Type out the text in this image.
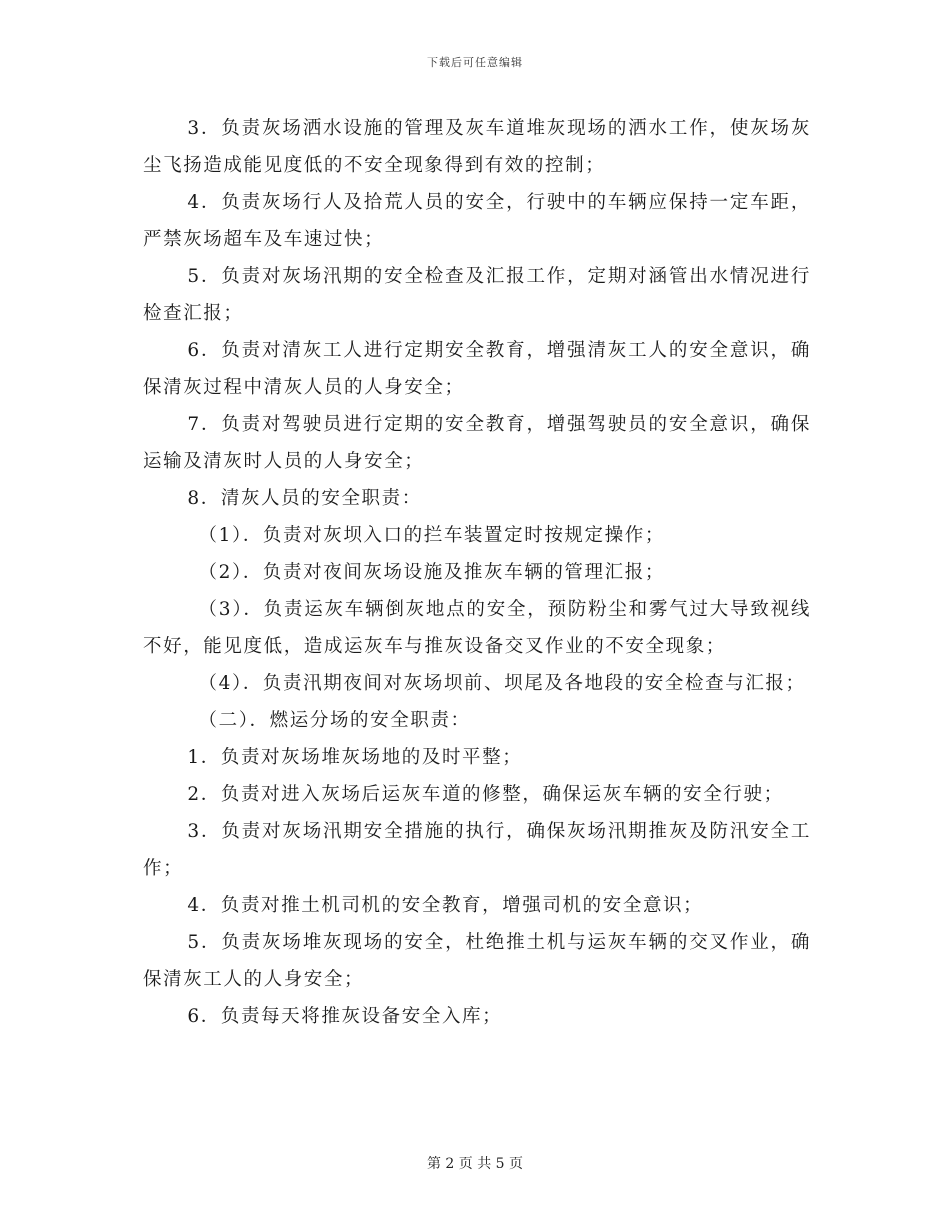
下载后可任意编辑

3．负责灰场洒水设施的管理及灰车道堆灰现场的洒水工作，使灰场灰尘飞扬造成能见度低的不安全现象得到有效的控制；

4．负责灰场行人及拾荒人员的安全，行驶中的车辆应保持一定车距，严禁灰场超车及车速过快；

5．负责对灰场汛期的安全检查及汇报工作，定期对涵管出水情况进行检查汇报；

6．负责对清灰工人进行定期安全教育，增强清灰工人的安全意识，确保清灰过程中清灰人员的人身安全；

7．负责对驾驶员进行定期的安全教育，增强驾驶员的安全意识，确保运输及清灰时人员的人身安全；

8．清灰人员的安全职责：

（1）．负责对灰坝入口的拦车装置定时按规定操作；

（2）．负责对夜间灰场设施及推灰车辆的管理汇报；

（3）．负责运灰车辆倒灰地点的安全，预防粉尘和雾气过大导致视线不好，能见度低，造成运灰车与推灰设备交叉作业的不安全现象；

（4）．负责汛期夜间对灰场坝前、坝尾及各地段的安全检查与汇报；

（二）．燃运分场的安全职责：

1．负责对灰场堆灰场地的及时平整；

2．负责对进入灰场后运灰车道的修整，确保运灰车辆的安全行驶；

3．负责对灰场汛期安全措施的执行，确保灰场汛期推灰及防汛安全工作；

4．负责对推土机司机的安全教育，增强司机的安全意识；

5．负责灰场堆灰现场的安全，杜绝推土机与运灰车辆的交叉作业，确保清灰工人的人身安全；

6．负责每天将推灰设备安全入库；

第 2 页 共 5 页
